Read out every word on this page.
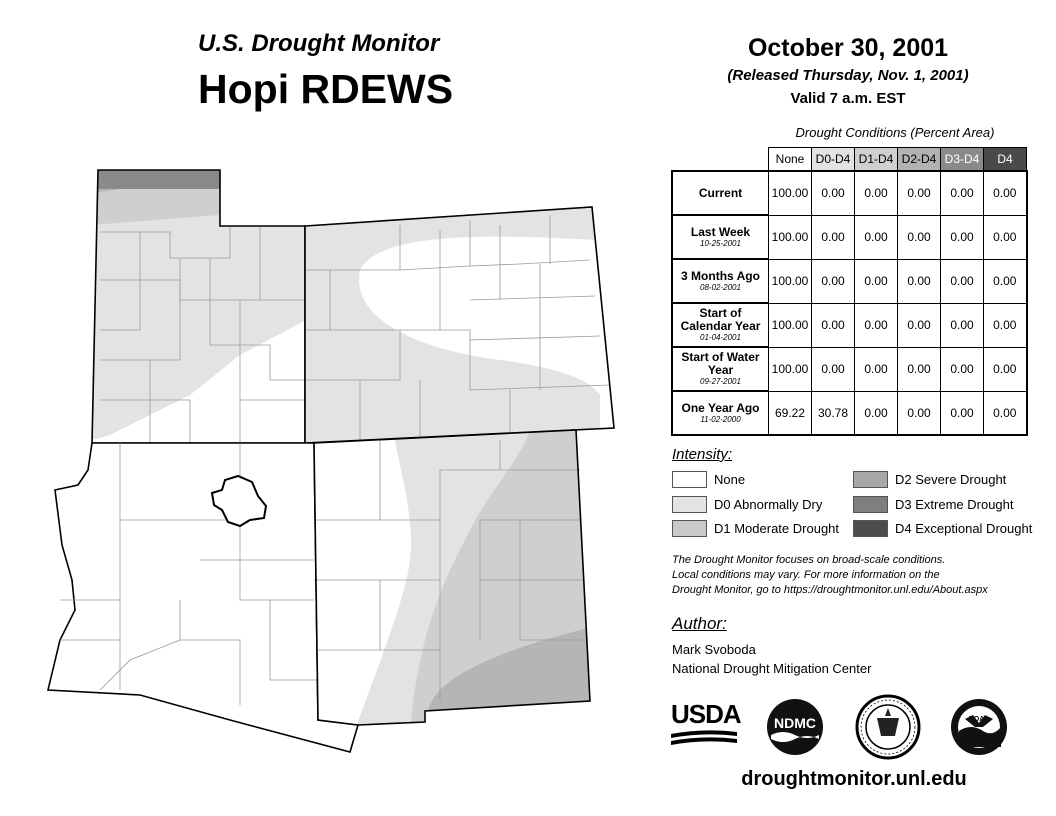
U.S. Drought Monitor
Hopi RDEWS
October 30, 2001
(Released Thursday, Nov. 1, 2001)
Valid 7 a.m. EST
Drought Conditions (Percent Area)
	None	D0-D4	D1-D4	D2-D4	D3-D4	D4
Current	100.00	0.00	0.00	0.00	0.00	0.00
Last Week
10-25-2001	100.00	0.00	0.00	0.00	0.00	0.00
3 Months Ago
08-02-2001	100.00	0.00	0.00	0.00	0.00	0.00
Start of Calendar Year
01-04-2001	100.00	0.00	0.00	0.00	0.00	0.00
Start of Water Year
09-27-2001	100.00	0.00	0.00	0.00	0.00	0.00
One Year Ago
11-02-2000	69.22	30.78	0.00	0.00	0.00	0.00
Intensity:
None
D0 Abnormally Dry
D1 Moderate Drought
D2 Severe Drought
D3 Extreme Drought
D4 Exceptional Drought
The Drought Monitor focuses on broad-scale conditions.
Local conditions may vary. For more information on the
Drought Monitor, go to https://droughtmonitor.unl.edu/About.aspx
Author:
Mark Svoboda
National Drought Mitigation Center
USDA NDMC	NOAA
droughtmonitor.unl.edu
